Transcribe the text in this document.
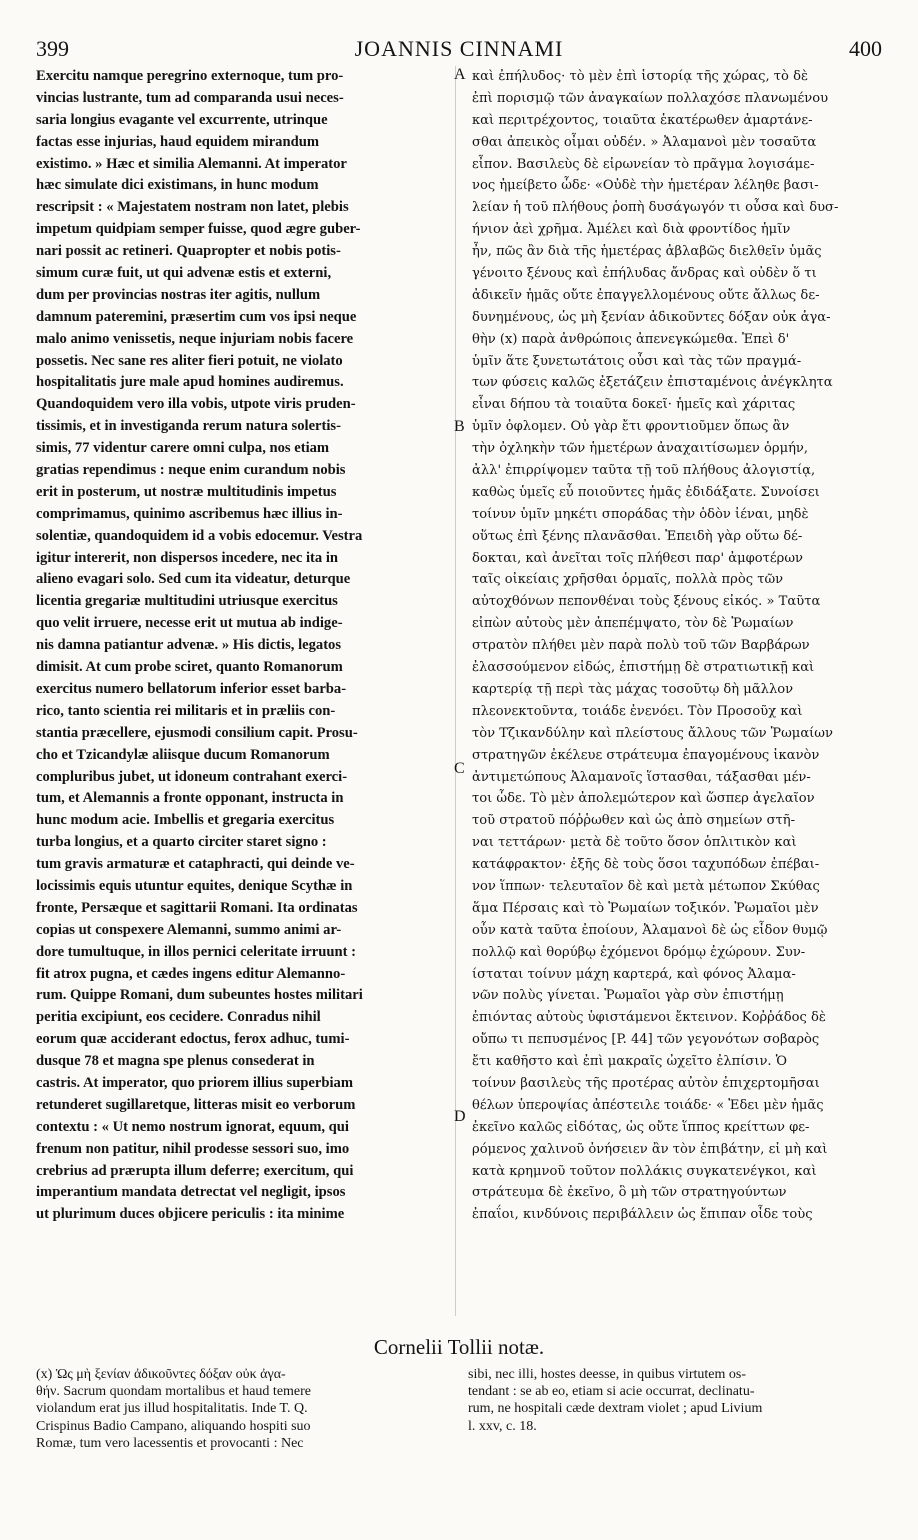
399	JOANNIS CINNAMI	400
Exercitu namque peregrino externoque, tum pro-
vincias lustrante, tum ad comparanda usui neces-
saria longius evagante vel excurrente, utrinque
factas esse injurias, haud equidem mirandum
existimo. » Hæc et similia Alemanni. At imperator
hæc simulate dici existimans, in hunc modum
rescripsit : « Majestatem nostram non latet, plebis
impetum quidpiam semper fuisse, quod ægre guber-
nari possit ac retineri. Quapropter et nobis potis-
simum curæ fuit, ut qui advenæ estis et externi,
dum per provincias nostras iter agitis, nullum
damnum pateremini, præsertim cum vos ipsi neque
malo animo venissetis, neque injuriam nobis facere
possetis. Nec sane res aliter fieri potuit, ne violato
hospitalitatis jure male apud homines audiremus.
Quandoquidem vero illa vobis, utpote viris pruden-
tissimis, et in investiganda rerum natura solertis-
simis, 77 videntur carere omni culpa, nos etiam
gratias rependimus : neque enim curandum nobis
erit in posterum, ut nostræ multitudinis impetus
comprimamus, quinimo ascribemus hæc illius in-
solentiæ, quandoquidem id a vobis edocemur. Vestra
igitur intererit, non dispersos incedere, nec ita in
alieno evagari solo. Sed cum ita videatur, deturque
licentia gregariæ multitudini utriusque exercitus
quo velit irruere, necesse erit ut mutua ab indige-
nis damna patiantur advenæ. » His dictis, legatos
dimisit. At cum probe sciret, quanto Romanorum
exercitus numero bellatorum inferior esset barba-
rico, tanto scientia rei militaris et in præliis con-
stantia præcellere, ejusmodi consilium capit. Prosu-
cho et Tzicandylæ aliisque ducum Romanorum
compluribus jubet, ut idoneum contrahant exerci-
tum, et Alemannis a fronte opponant, instructa in
hunc modum acie. Imbellis et gregaria exercitus
turba longius, et a quarto circiter staret signo :
tum gravis armaturæ et cataphracti, qui deinde ve-
locissimis equis utuntur equites, denique Scythæ in
fronte, Persæque et sagittarii Romani. Ita ordinatas
copias ut conspexere Alemanni, summo animi ar-
dore tumultuque, in illos pernici celeritate irruunt :
fit atrox pugna, et cædes ingens editur Alemanno-
rum. Quippe Romani, dum subeuntes hostes militari
peritia excipiunt, eos cecidere. Conradus nihil
eorum quæ acciderant edoctus, ferox adhuc, tumi-
dusque 78 et magna spe plenus consederat in
castris. At imperator, quo priorem illius superbiam
retunderet sugillaretque, litteras misit eo verborum
contextu : « Ut nemo nostrum ignorat, equum, qui
frenum non patitur, nihil prodesse sessori suo, imo
crebrius ad prærupta illum deferre; exercitum, qui
imperantium mandata detrectat vel negligit, ipsos
ut plurimum duces objicere periculis : ita minime
A
B
C
D
καὶ ἐπήλυδος· τὸ μὲν ἐπὶ ἱστορίᾳ τῆς χώρας, τὸ δὲ
ἐπὶ πορισμῷ τῶν ἀναγκαίων πολλαχόσε πλανωμένου
καὶ περιτρέχοντος, τοιαῦτα ἑκατέρωθεν ἁμαρτάνε-
σθαι ἀπεικὸς οἶμαι οὐδέν. » Ἀλαμανοὶ μὲν τοσαῦτα
εἶπον. Βασιλεὺς δὲ εἰρωνείαν τὸ πρᾶγμα λογισάμε-
νος ἠμείβετο ὧδε· «Οὐδὲ τὴν ἡμετέραν λέληθε βασι-
λείαν ἡ τοῦ πλήθους ῥοπὴ δυσάγωγόν τι οὖσα καὶ δυσ-
ήνιον ἀεὶ χρῆμα. Ἀμέλει καὶ διὰ φροντίδος ἡμῖν
ἦν, πῶς ἂν διὰ τῆς ἡμετέρας ἀβλαβῶς διελθεῖν ὑμᾶς
γένοιτο ξένους καὶ ἐπήλυδας ἄνδρας καὶ οὐδὲν ὅ τι
ἀδικεῖν ἡμᾶς οὔτε ἐπαγγελλομένους οὔτε ἄλλως δε-
δυνημένους, ὡς μὴ ξενίαν ἀδικοῦντες δόξαν οὐκ ἀγα-
θὴν (x) παρὰ ἀνθρώποις ἀπενεγκώμεθα. Ἐπεὶ δ'
ὑμῖν ἅτε ξυνετωτάτοις οὖσι καὶ τὰς τῶν πραγμά-
των φύσεις καλῶς ἐξετάζειν ἐπισταμένοις ἀνέγκλητα
εἶναι δήπου τὰ τοιαῦτα δοκεῖ· ἡμεῖς καὶ χάριτας
ὑμῖν ὀφλομεν. Οὐ γὰρ ἔτι φροντιοῦμεν ὅπως ἂν
τὴν ὀχληκὴν τῶν ἡμετέρων ἀναχαιτίσωμεν ὁρμήν,
ἀλλ' ἐπιρρίψομεν ταῦτα τῇ τοῦ πλήθους ἀλογιστίᾳ,
καθὼς ὑμεῖς εὖ ποιοῦντες ἡμᾶς ἐδιδάξατε. Συνοίσει
τοίνυν ὑμῖν μηκέτι σποράδας τὴν ὁδὸν ἰέναι, μηδὲ
οὕτως ἐπὶ ξένης πλανᾶσθαι. Ἐπειδὴ γὰρ οὕτω δέ-
δοκται, καὶ ἀνεῖται τοῖς πλήθεσι παρ' ἀμφοτέρων
ταῖς οἰκείαις χρῆσθαι ὁρμαῖς, πολλὰ πρὸς τῶν
αὐτοχθόνων πεπονθέναι τοὺς ξένους εἰκός. » Ταῦτα
εἰπὼν αὐτοὺς μὲν ἀπεπέμψατο, τὸν δὲ Ῥωμαίων
στρατὸν πλήθει μὲν παρὰ πολὺ τοῦ τῶν Βαρβάρων
ἐλασσούμενον εἰδώς, ἐπιστήμῃ δὲ στρατιωτικῇ καὶ
καρτερίᾳ τῇ περὶ τὰς μάχας τοσοῦτῳ δὴ μᾶλλον
πλεονεκτοῦντα, τοιάδε ἐνενόει. Τὸν Προσοῦχ καὶ
τὸν Τζικανδύλην καὶ πλείστους ἄλλους τῶν Ῥωμαίων
στρατηγῶν ἐκέλευε στράτευμα ἐπαγομένους ἱκανὸν
ἀντιμετώπους Ἀλαμανοῖς ἵστασθαι, τάξασθαι μέν-
τοι ὧδε. Τὸ μὲν ἀπολεμώτερον καὶ ὥσπερ ἀγελαῖον
τοῦ στρατοῦ πόῤῥωθεν καὶ ὡς ἀπὸ σημείων στῆ-
ναι τεττάρων· μετὰ δὲ τοῦτο ὅσον ὁπλιτικὸν καὶ
κατάφρακτον· ἐξῆς δὲ τοὺς ὅσοι ταχυπόδων ἐπέβαι-
νον ἵππων· τελευταῖον δὲ καὶ μετὰ μέτωπον Σκύθας
ἅμα Πέρσαις καὶ τὸ Ῥωμαίων τοξικόν. Ῥωμαῖοι μὲν
οὖν κατὰ ταῦτα ἐποίουν, Ἀλαμανοὶ δὲ ὡς εἶδον θυμῷ
πολλῷ καὶ θορύβῳ ἐχόμενοι δρόμῳ ἐχώρουν. Συν-
ίσταται τοίνυν μάχη καρτερά, καὶ φόνος Ἀλαμα-
νῶν πολὺς γίνεται. Ῥωμαῖοι γὰρ σὺν ἐπιστήμῃ
ἐπιόντας αὐτοὺς ὑφιστάμενοι ἔκτεινον. Κοῤῥάδος δὲ
οὔπω τι πεπυσμένος [P. 44] τῶν γεγονότων σοβαρὸς
ἔτι καθῆστο καὶ ἐπὶ μακραῖς ὠχεῖτο ἐλπίσιν. Ὁ
τοίνυν βασιλεὺς τῆς προτέρας αὐτὸν ἐπιχερτομῆσαι
θέλων ὑπεροψίας ἀπέστειλε τοιάδε· « Ἐδει μὲν ἡμᾶς
ἐκεῖνο καλῶς εἰδότας, ὡς οὔτε ἵππος κρείττων φε-
ρόμενος χαλινοῦ ὀνήσειεν ἂν τὸν ἐπιβάτην, εἰ μὴ καὶ
κατὰ κρημνοῦ τοῦτον πολλάκις συγκατενέγκοι, καὶ
στράτευμα δὲ ἐκεῖνο, ὃ μὴ τῶν στρατηγούντων
ἐπαΐοι, κινδύνοις περιβάλλειν ὡς ἔπιπαν οἶδε τοὺς
Cornelii Tollii notæ.
(x) Ὡς μὴ ξενίαν ἀδικοῦντες δόξαν οὐκ ἀγα-
θήν. Sacrum quondam mortalibus et haud temere
violandum erat jus illud hospitalitatis. Inde T. Q.
Crispinus Badio Campano, aliquando hospiti suo
Romæ, tum vero lacessentis et provocanti : Nec
sibi, nec illi, hostes deesse, in quibus virtutem os-
tendant : se ab eo, etiam si acie occurrat, declinatu-
rum, ne hospitali cæde dextram violet ; apud Livium
l. xxv, c. 18.
